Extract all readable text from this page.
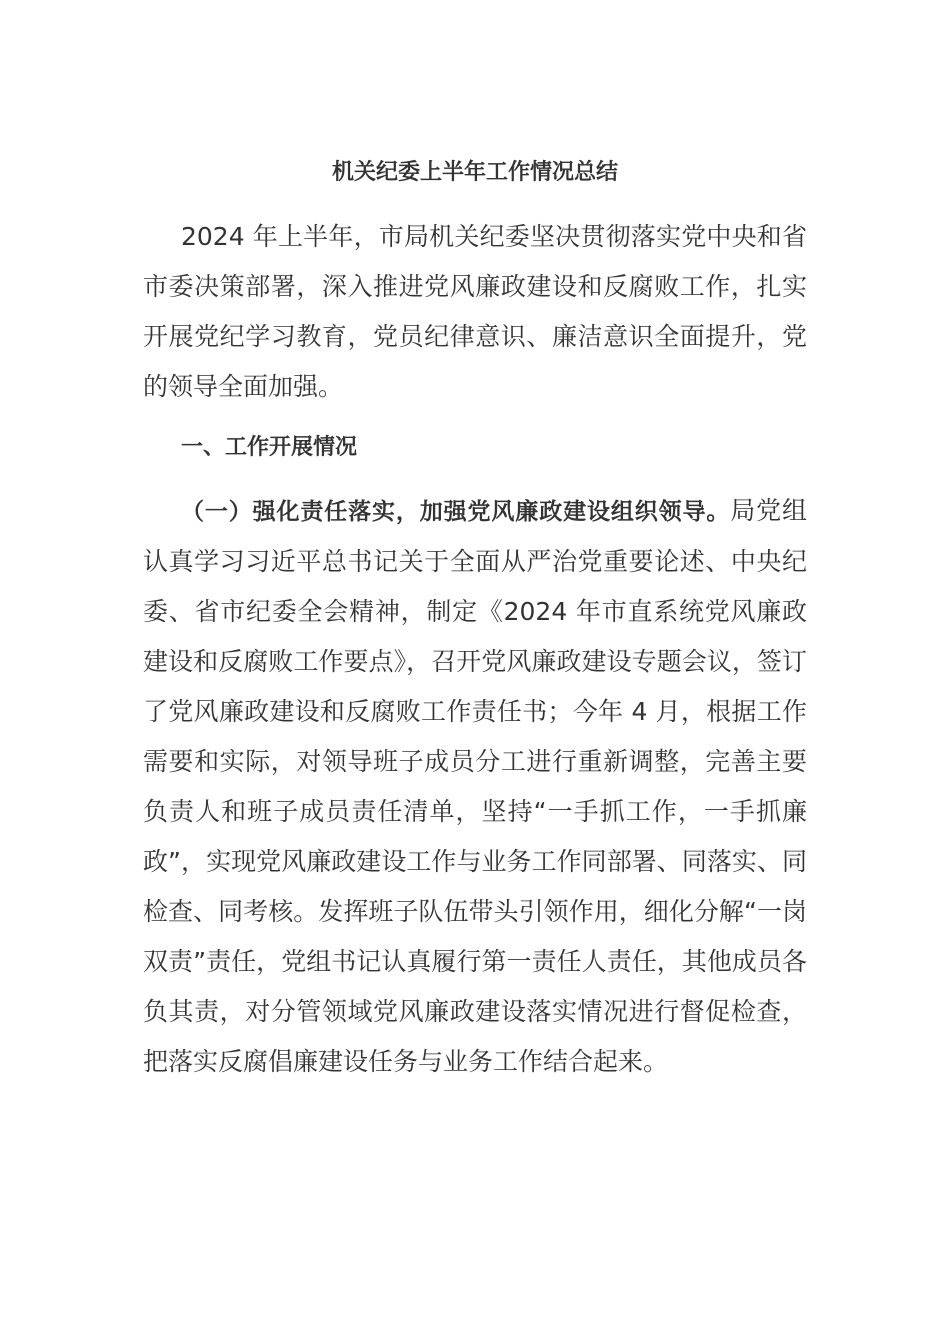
机关纪委上半年工作情况总结
2024 年上半年，市局机关纪委坚决贯彻落实党中央和省市委决策部署，深入推进党风廉政建设和反腐败工作，扎实开展党纪学习教育，党员纪律意识、廉洁意识全面提升，党的领导全面加强。
一、工作开展情况
（一）强化责任落实，加强党风廉政建设组织领导。局党组认真学习习近平总书记关于全面从严治党重要论述、中央纪委、省市纪委全会精神，制定《2024 年市直系统党风廉政建设和反腐败工作要点》，召开党风廉政建设专题会议，签订了党风廉政建设和反腐败工作责任书；今年 4 月，根据工作需要和实际，对领导班子成员分工进行重新调整，完善主要负责人和班子成员责任清单，坚持“一手抓工作，一手抓廉政”，实现党风廉政建设工作与业务工作同部署、同落实、同检查、同考核。发挥班子队伍带头引领作用，细化分解“一岗双责”责任，党组书记认真履行第一责任人责任，其他成员各负其责，对分管领域党风廉政建设落实情况进行督促检查，把落实反腐倡廉建设任务与业务工作结合起来。
